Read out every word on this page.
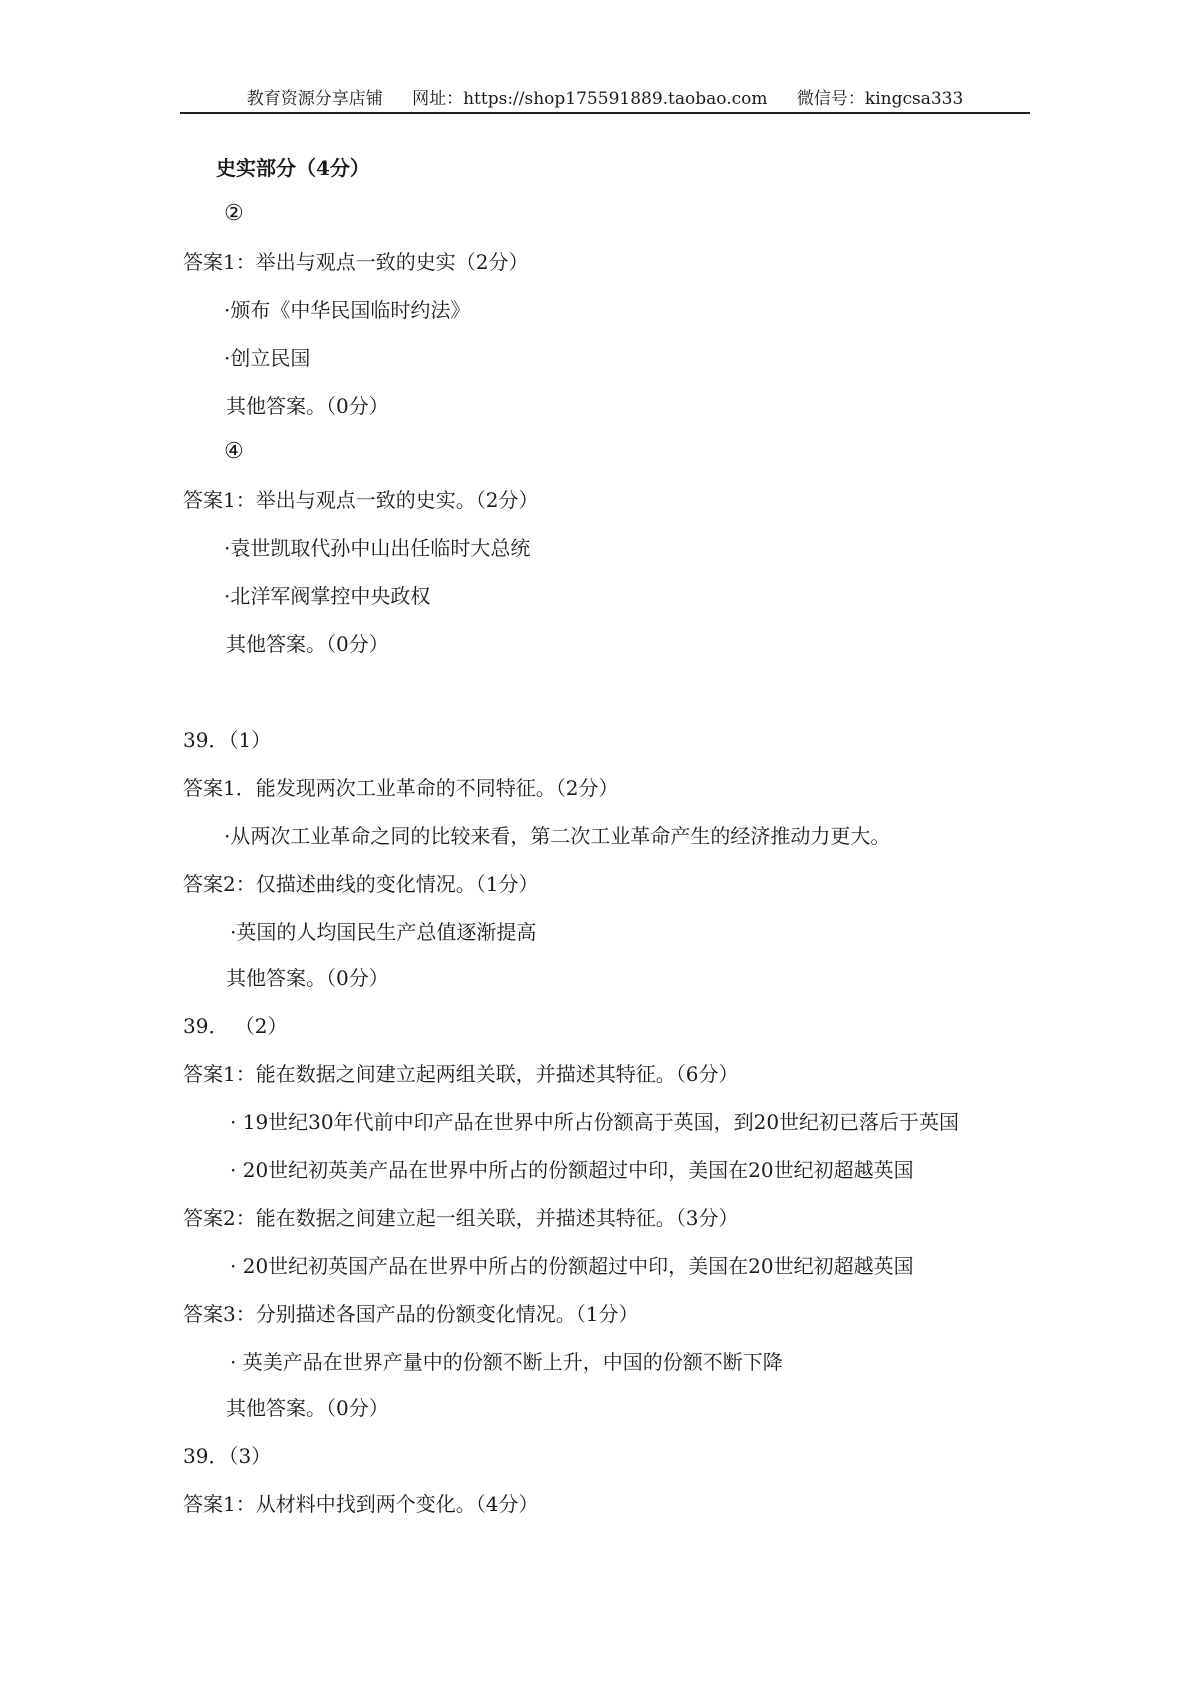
教育资源分享店铺 网址：https://shop175591889.taobao.com 微信号：kingcsa333
史实部分（4分）
②
答案1：举出与观点一致的史实（2分）
·颁布《中华民国临时约法》
·创立民国
其他答案。（0分）
④
答案1：举出与观点一致的史实。（2分）
·袁世凯取代孙中山出任临时大总统
·北洋军阀掌控中央政权
其他答案。（0分）
39．（1）
答案1．能发现两次工业革命的不同特征。（2分）
·从两次工业革命之同的比较来看，第二次工业革命产生的经济推动力更大。
答案2：仅描述曲线的变化情况。（1分）
·英国的人均国民生产总值逐渐提高
其他答案。（0分）
39． （2）
答案1：能在数据之间建立起两组关联，并描述其特征。（6分）
· 19世纪30年代前中印产品在世界中所占份额高于英国，到20世纪初已落后于英国
· 20世纪初英美产品在世界中所占的份额超过中印，美国在20世纪初超越英国
答案2：能在数据之间建立起一组关联，并描述其特征。（3分）
· 20世纪初英国产品在世界中所占的份额超过中印，美国在20世纪初超越英国
答案3：分别描述各国产品的份额变化情况。（1分）
· 英美产品在世界产量中的份额不断上升，中国的份额不断下降
其他答案。（0分）
39．（3）
答案1：从材料中找到两个变化。（4分）
